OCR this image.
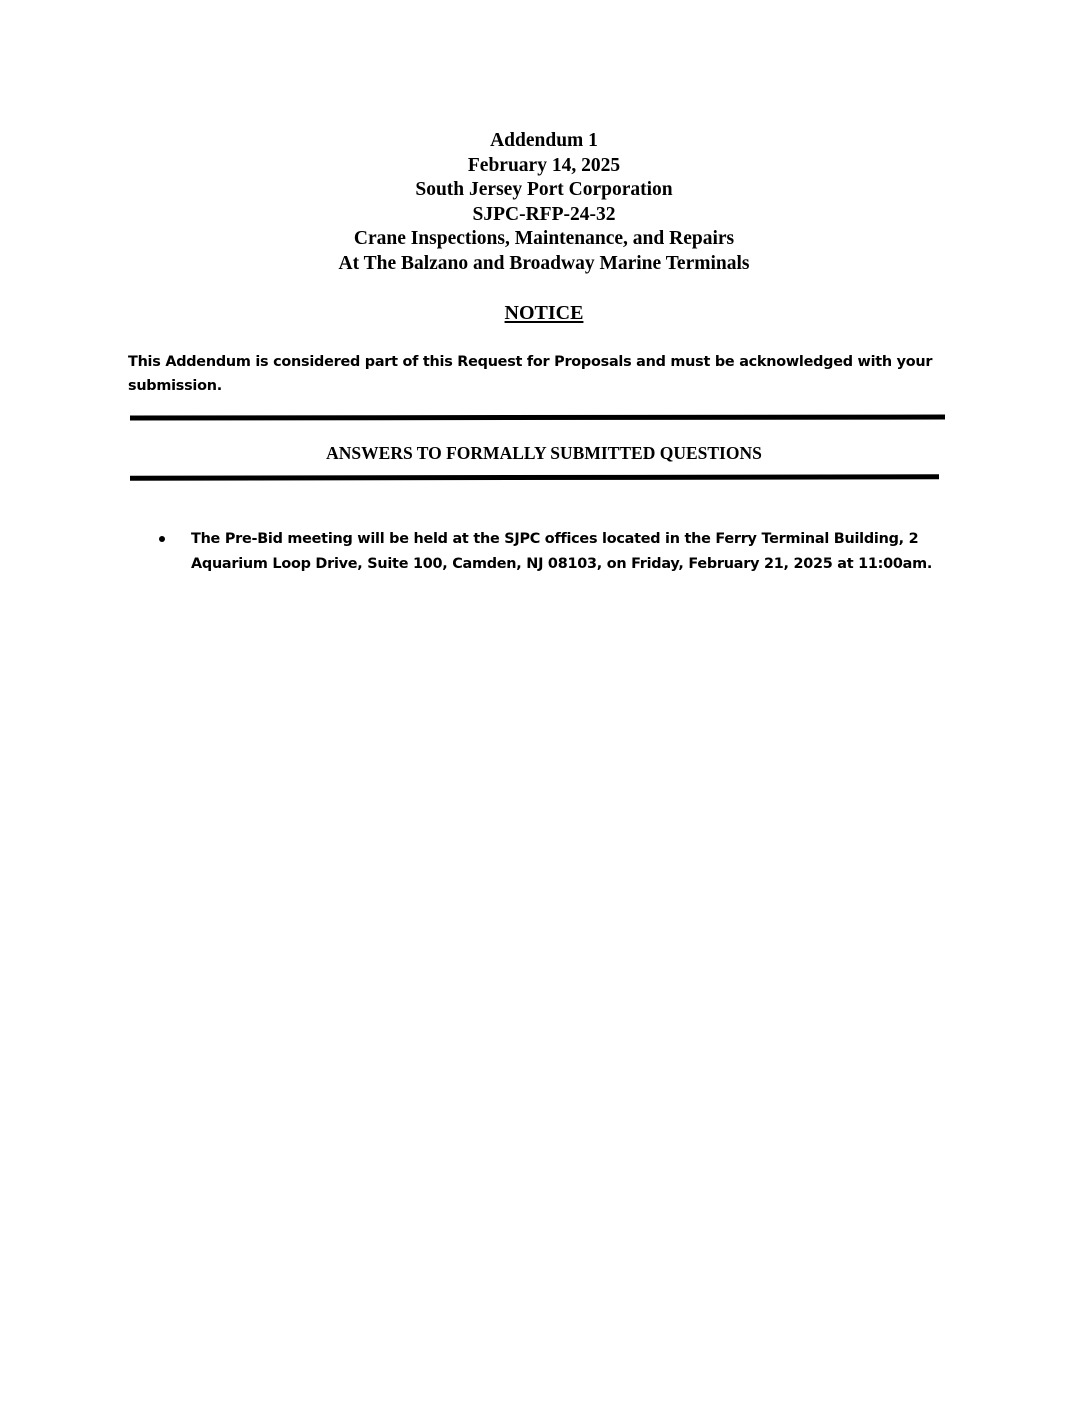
Addendum 1
February 14, 2025
South Jersey Port Corporation
SJPC-RFP-24-32
Crane Inspections, Maintenance, and Repairs
At The Balzano and Broadway Marine Terminals
NOTICE
This Addendum is considered part of this Request for Proposals and must be acknowledged with your submission.
ANSWERS TO FORMALLY SUBMITTED QUESTIONS
The Pre-Bid meeting will be held at the SJPC offices located in the Ferry Terminal Building, 2 Aquarium Loop Drive, Suite 100, Camden, NJ 08103, on Friday, February 21, 2025 at 11:00am.
